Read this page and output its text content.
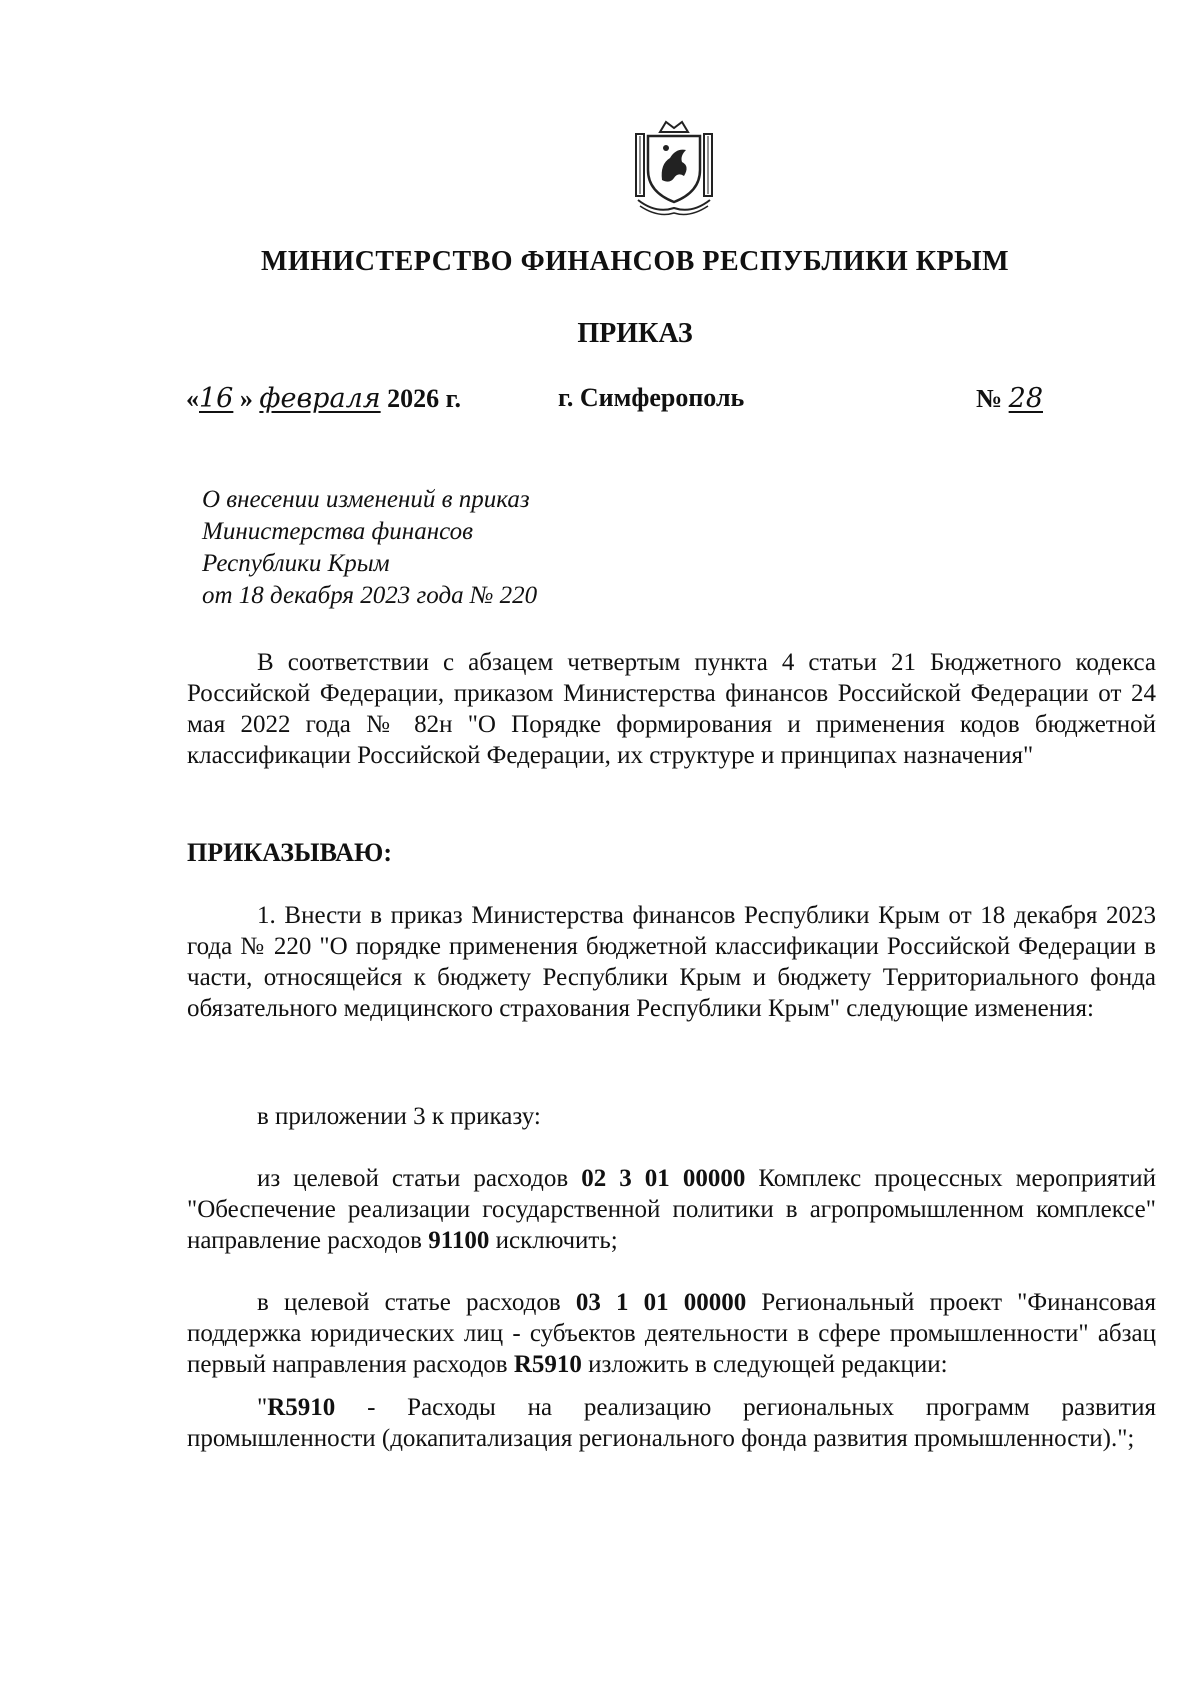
МИНИСТЕРСТВО ФИНАНСОВ РЕСПУБЛИКИ КРЫМ
ПРИКАЗ
«16 » февраля 2026 г.	г. Симферополь	№ 28
О внесении изменений в приказ
Министерства финансов
Республики Крым
от 18 декабря 2023 года № 220
В соответствии с абзацем четвертым пункта 4 статьи 21 Бюджетного кодекса Российской Федерации, приказом Министерства финансов Российской Федерации от 24 мая 2022 года № 82н "О Порядке формирования и применения кодов бюджетной классификации Российской Федерации, их структуре и принципах назначения"
ПРИКАЗЫВАЮ:
1. Внести в приказ Министерства финансов Республики Крым от 18 декабря 2023 года № 220 "О порядке применения бюджетной классификации Российской Федерации в части, относящейся к бюджету Республики Крым и бюджету Территориального фонда обязательного медицинского страхования Республики Крым" следующие изменения:
в приложении 3 к приказу:
из целевой статьи расходов 02 3 01 00000 Комплекс процессных мероприятий "Обеспечение реализации государственной политики в агропромышленном комплексе" направление расходов 91100 исключить;
в целевой статье расходов 03 1 01 00000 Региональный проект "Финансовая поддержка юридических лиц - субъектов деятельности в сфере промышленности" абзац первый направления расходов R5910 изложить в следующей редакции:
"R5910 - Расходы на реализацию региональных программ развития промышленности (докапитализация регионального фонда развития промышленности).";
